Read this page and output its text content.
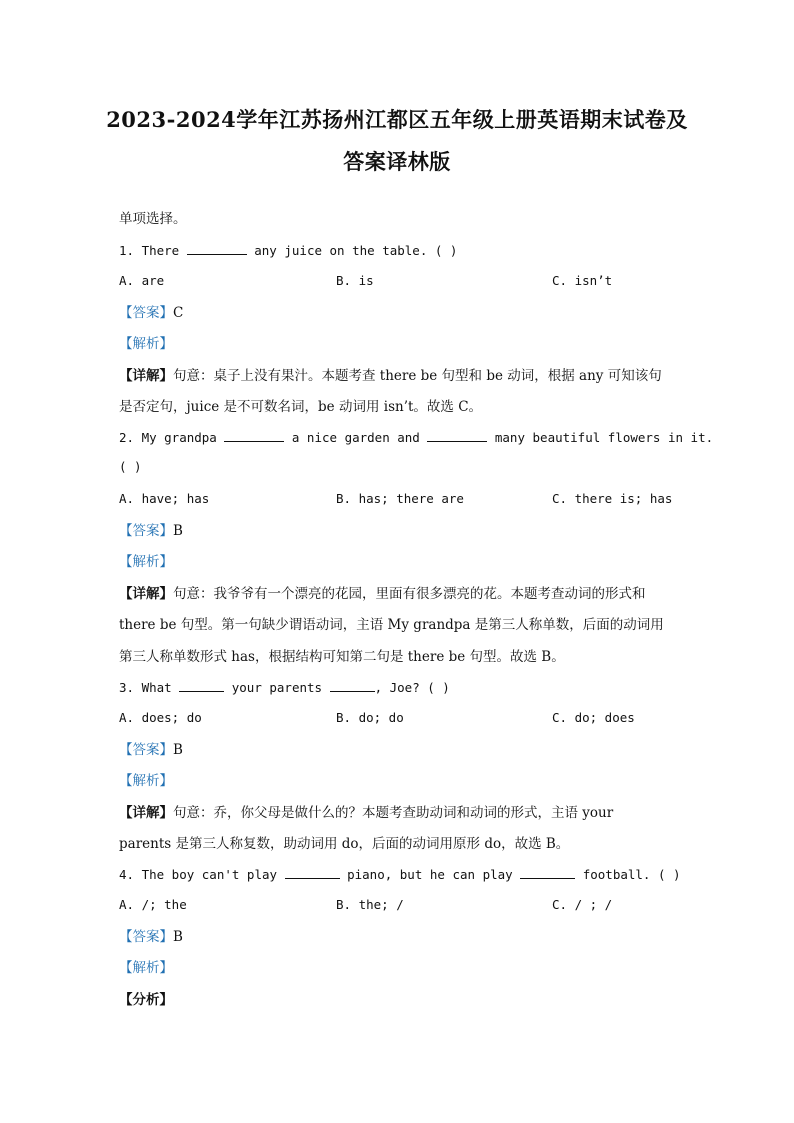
2023-2024学年江苏扬州江都区五年级上册英语期末试卷及
答案译林版
单项选择。
1. There	any juice on the table. ( )
A. are	B. is	C. isn’t
【答案】C
【解析】
【详解】句意：桌子上没有果汁。本题考查 there be 句型和 be 动词，根据 any 可知该句
是否定句，juice 是不可数名词，be 动词用 isn’t。故选 C。
2. My grandpa	a nice garden and	many beautiful flowers in it.
( )
A. have; has	B. has; there are	C. there is; has
【答案】B
【解析】
【详解】句意：我爷爷有一个漂亮的花园，里面有很多漂亮的花。本题考查动词的形式和
there be 句型。第一句缺少谓语动词，主语 My grandpa 是第三人称单数，后面的动词用
第三人称单数形式 has，根据结构可知第二句是 there be 句型。故选 B。
3. What	your parents	, Joe? ( )
A. does; do	B. do; do	C. do; does
【答案】B
【解析】
【详解】句意：乔，你父母是做什么的？本题考查助动词和动词的形式，主语 your
parents 是第三人称复数，助动词用 do，后面的动词用原形 do，故选 B。
4. The boy can't play	piano, but he can play	football. ( )
A. /; the	B. the; /	C. / ; /
【答案】B
【解析】
【分析】
